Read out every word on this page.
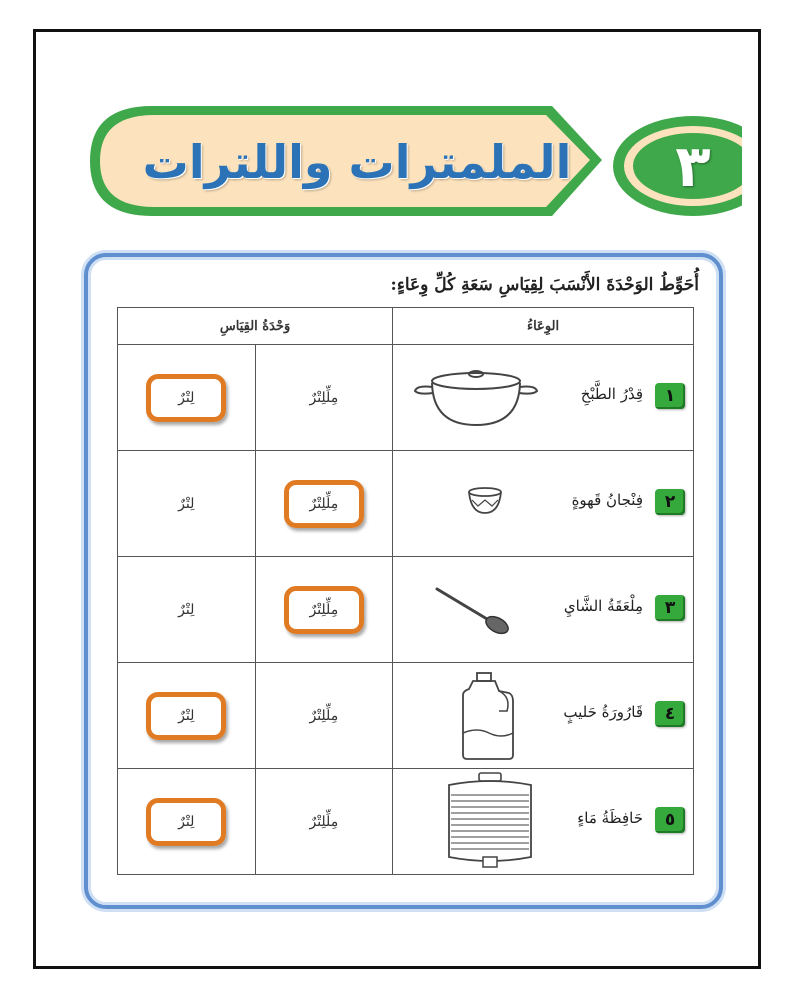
الملمترات واللترات	٣
أُحَوِّطُ الوَحْدَةَ الأَنْسَبَ لِقِيَاسِ سَعَةِ كُلِّ وِعَاءٍ:
الوِعَاءُ	وَحْدَةُ القِيَاسِ	

١
قِدْرُ الطَّبْخِ	مِلِّلِتْرٌ	لِتْرٌ

٢
فِنْجانُ قَهوةٍ	مِلِّلِتْرٌ	لِتْرٌ

٣
مِلْعَقَةُ الشَّايِ	مِلِّلِتْرٌ	لِتْرٌ

٤
قَارُورَةُ حَليبٍ	مِلِّلِتْرٌ	لِتْرٌ

٥
حَافِظَةُ مَاءٍ	مِلِّلِتْرٌ	لِتْرٌ
